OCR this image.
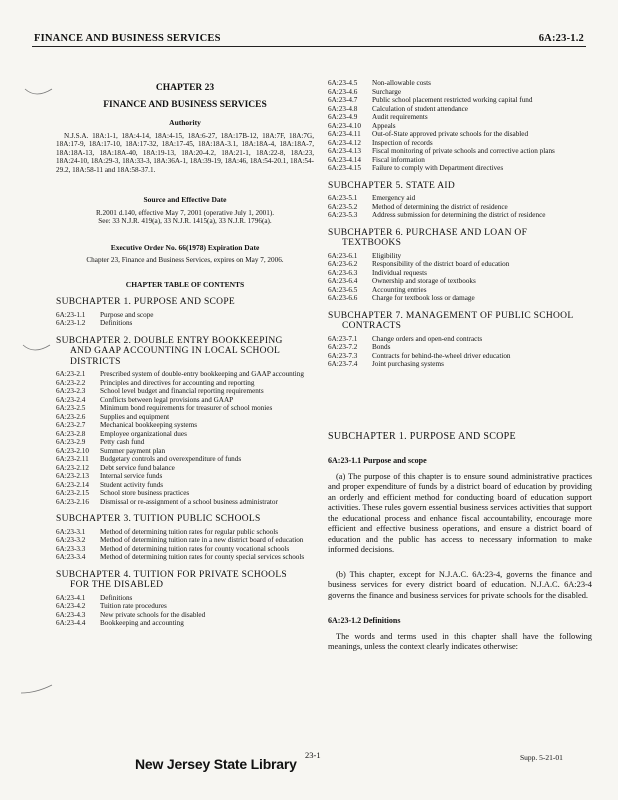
FINANCE AND BUSINESS SERVICES	6A:23-1.2
CHAPTER 23
FINANCE AND BUSINESS SERVICES
Authority

N.J.S.A. 18A:1-1, 18A:4-14, 18A:4-15, 18A:6-27, 18A:17B-12, 18A:7F, 18A:7G, 18A:17-9, 18A:17-10, 18A:17-32, 18A:17-45, 18A:18A-3.1, 18A:18A-4, 18A:18A-7, 18A:18A-13, 18A:18A-40, 18A:19-13, 18A:20-4.2, 18A:21-1, 18A:22-8, 18A:23, 18A:24-10, 18A:29-3, 18A:33-3, 18A:36A-1, 18A:39-19, 18A:46, 18A:54-20.1, 18A:54-29.2, 18A:58-11 and 18A:58-37.1.

Source and Effective Date

R.2001 d.140, effective May 7, 2001 (operative July 1, 2001).

See: 33 N.J.R. 419(a), 33 N.J.R. 1415(a), 33 N.J.R. 1796(a).

Executive Order No. 66(1978) Expiration Date

Chapter 23, Finance and Business Services, expires on May 7, 2006.

CHAPTER TABLE OF CONTENTS
SUBCHAPTER 1. PURPOSE AND SCOPE
6A:23-1.1	Purpose and scope
6A:23-1.2	Definitions
SUBCHAPTER 2. DOUBLE ENTRY BOOKKEEPING
AND GAAP ACCOUNTING IN LOCAL SCHOOL
DISTRICTS
6A:23-2.1	Prescribed system of double-entry bookkeeping and GAAP accounting
6A:23-2.2	Principles and directives for accounting and reporting
6A:23-2.3	School level budget and financial reporting requirements
6A:23-2.4	Conflicts between legal provisions and GAAP
6A:23-2.5	Minimum bond requirements for treasurer of school monies
6A:23-2.6	Supplies and equipment
6A:23-2.7	Mechanical bookkeeping systems
6A:23-2.8	Employee organizational dues
6A:23-2.9	Petty cash fund
6A:23-2.10	Summer payment plan
6A:23-2.11	Budgetary controls and overexpenditure of funds
6A:23-2.12	Debt service fund balance
6A:23-2.13	Internal service funds
6A:23-2.14	Student activity funds
6A:23-2.15	School store business practices
6A:23-2.16	Dismissal or re-assignment of a school business administrator
SUBCHAPTER 3. TUITION PUBLIC SCHOOLS
6A:23-3.1	Method of determining tuition rates for regular public schools
6A:23-3.2	Method of determining tuition rate in a new district board of education
6A:23-3.3	Method of determining tuition rates for county vocational schools
6A:23-3.4	Method of determining tuition rates for county special services schools
SUBCHAPTER 4. TUITION FOR PRIVATE SCHOOLS
FOR THE DISABLED
6A:23-4.1	Definitions
6A:23-4.2	Tuition rate procedures
6A:23-4.3	New private schools for the disabled
6A:23-4.4	Bookkeeping and accounting
6A:23-4.5	Non-allowable costs
6A:23-4.6	Surcharge
6A:23-4.7	Public school placement restricted working capital fund
6A:23-4.8	Calculation of student attendance
6A:23-4.9	Audit requirements
6A:23-4.10	Appeals
6A:23-4.11	Out-of-State approved private schools for the disabled
6A:23-4.12	Inspection of records
6A:23-4.13	Fiscal monitoring of private schools and corrective action plans
6A:23-4.14	Fiscal information
6A:23-4.15	Failure to comply with Department directives
SUBCHAPTER 5. STATE AID
6A:23-5.1	Emergency aid
6A:23-5.2	Method of determining the district of residence
6A:23-5.3	Address submission for determining the district of residence
SUBCHAPTER 6. PURCHASE AND LOAN OF
TEXTBOOKS
6A:23-6.1	Eligibility
6A:23-6.2	Responsibility of the district board of education
6A:23-6.3	Individual requests
6A:23-6.4	Ownership and storage of textbooks
6A:23-6.5	Accounting entries
6A:23-6.6	Charge for textbook loss or damage
SUBCHAPTER 7. MANAGEMENT OF PUBLIC SCHOOL
CONTRACTS
6A:23-7.1	Change orders and open-end contracts
6A:23-7.2	Bonds
6A:23-7.3	Contracts for behind-the-wheel driver education
6A:23-7.4	Joint purchasing systems
SUBCHAPTER 1. PURPOSE AND SCOPE
6A:23-1.1 Purpose and scope

(a) The purpose of this chapter is to ensure sound administrative practices and proper expenditure of funds by a district board of education by providing an orderly and efficient method for conducting board of education support activities. These rules govern essential business services activities that support the educational process and enhance fiscal accountability, encourage more efficient and effective business operations, and ensure a district board of education and the public has access to necessary information to make informed decisions.

(b) This chapter, except for N.J.A.C. 6A:23-4, governs the finance and business services for every district board of education. N.J.A.C. 6A:23-4 governs the finance and business services for private schools for the disabled.

6A:23-1.2 Definitions

The words and terms used in this chapter shall have the following meanings, unless the context clearly indicates otherwise:

New Jersey State Library
23-1	Supp. 5-21-01
